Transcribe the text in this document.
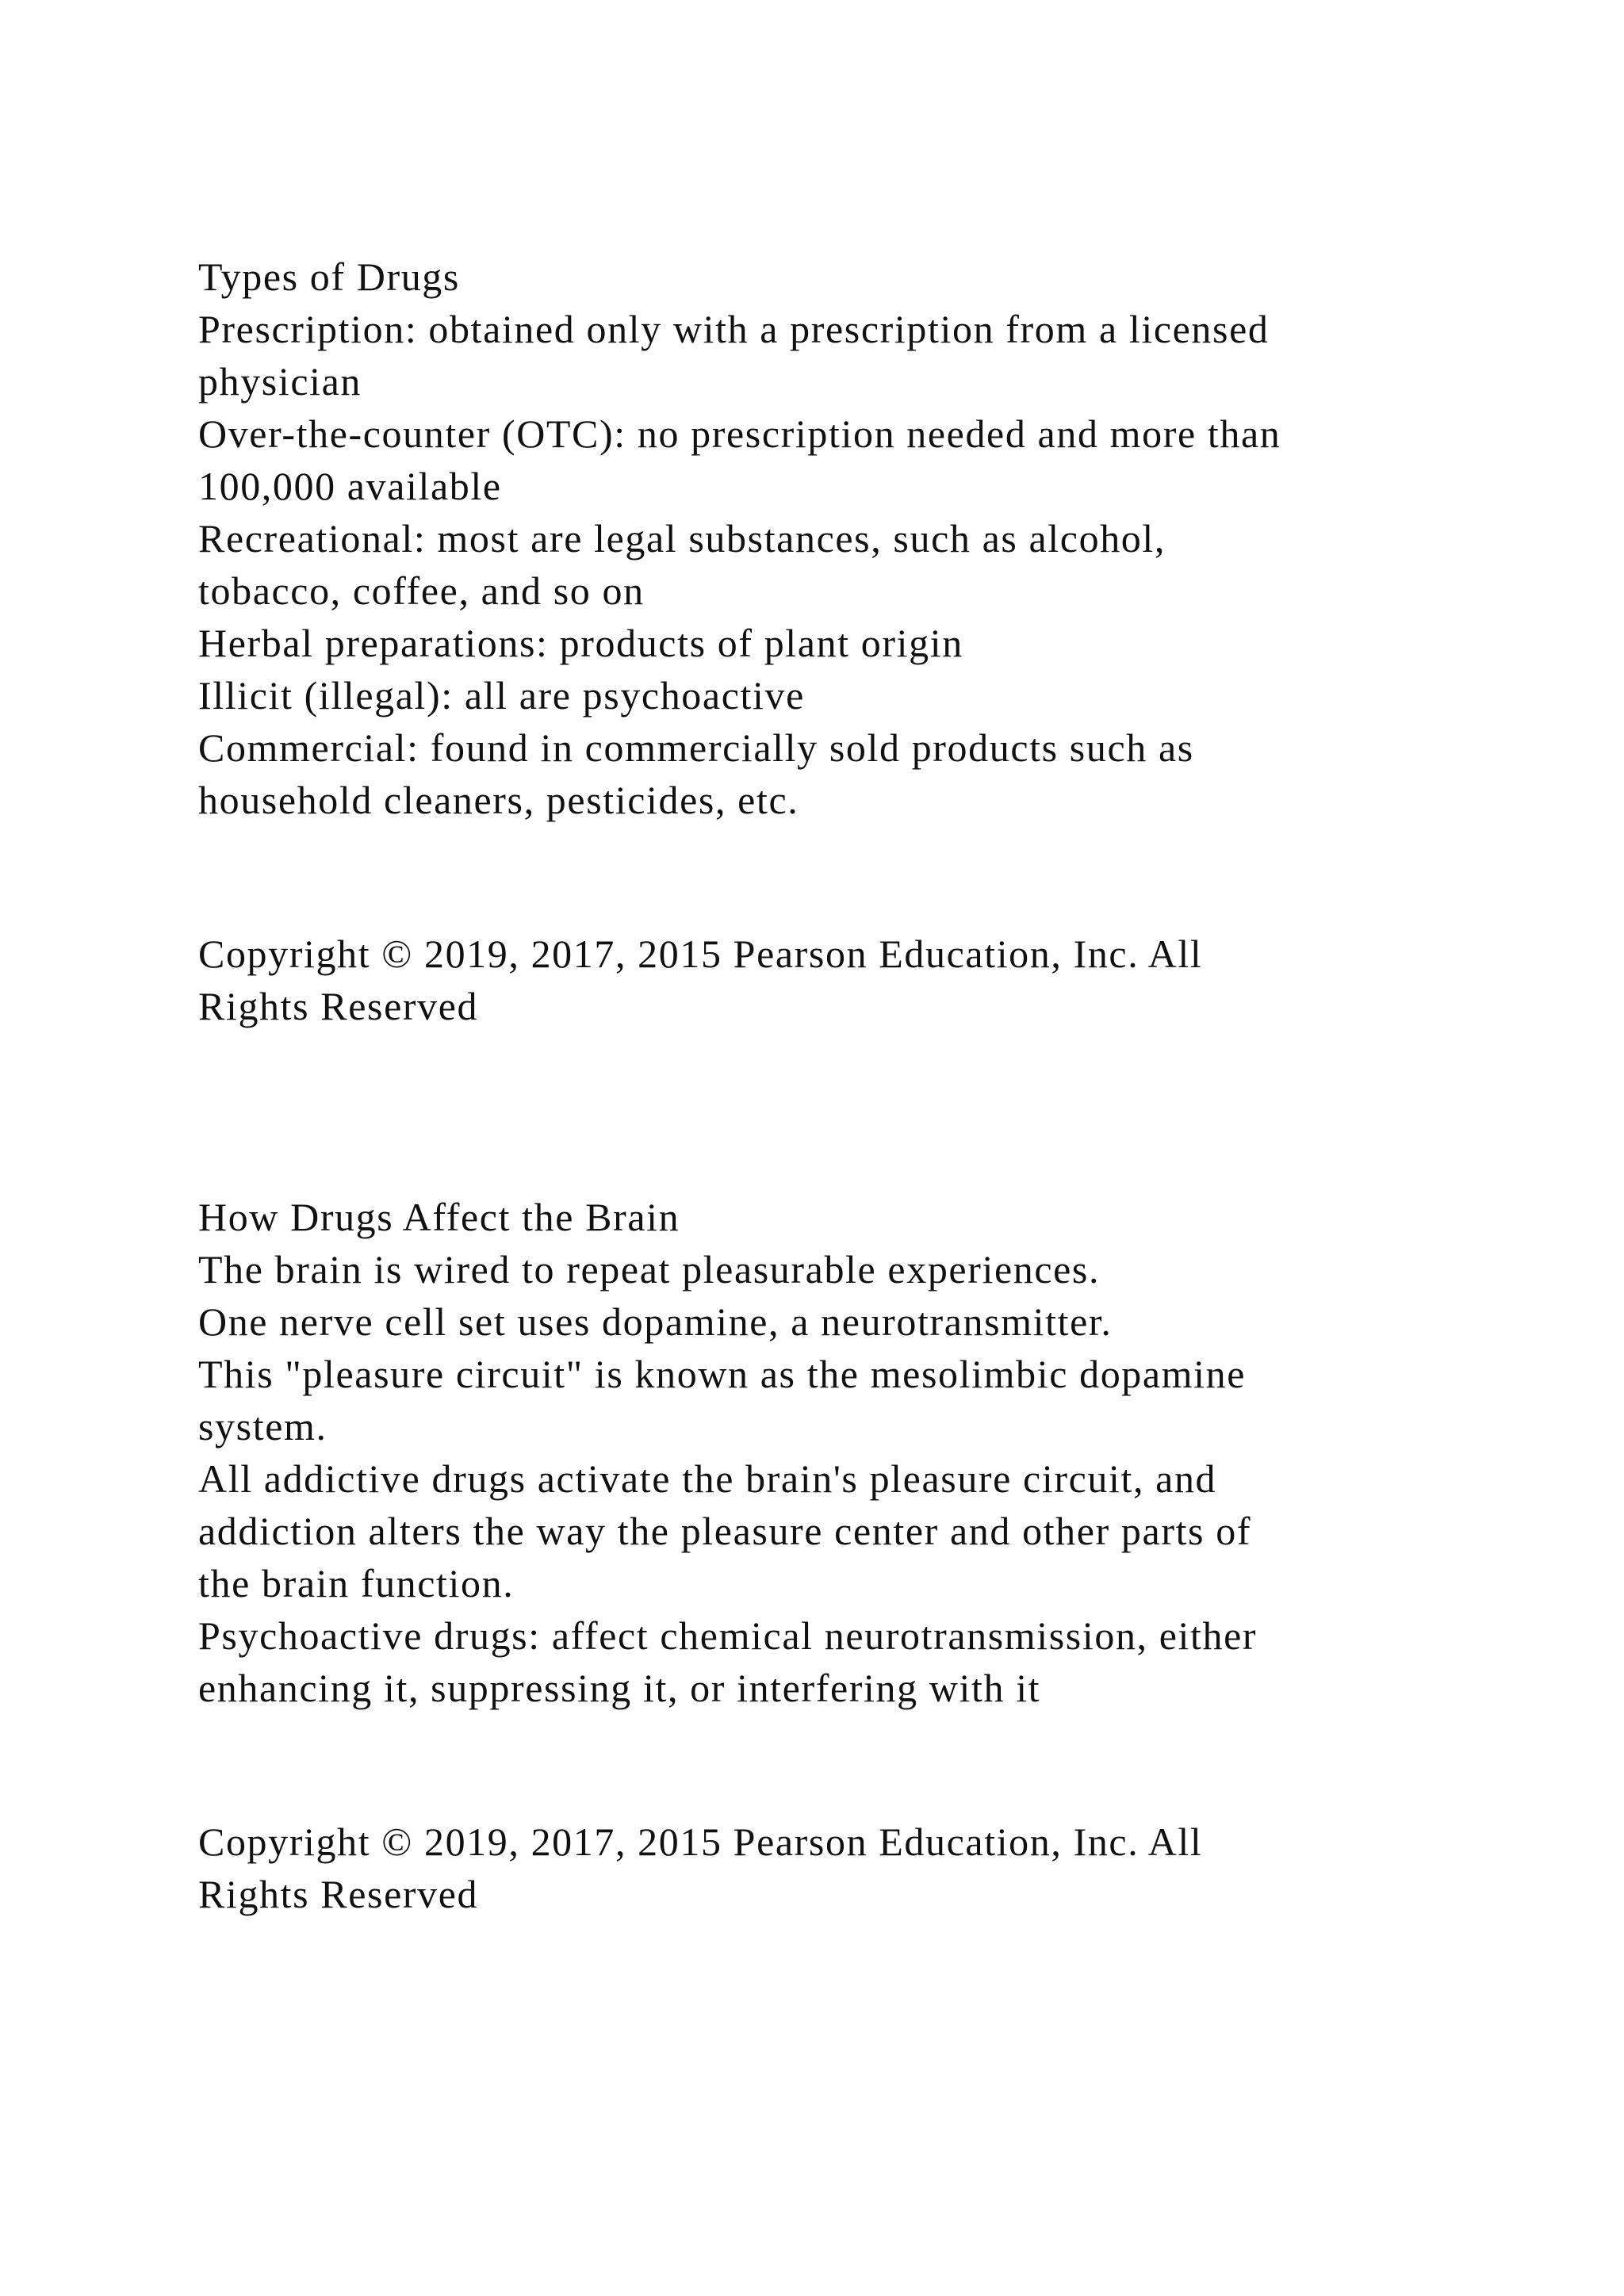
Types of Drugs
Prescription: obtained only with a prescription from a licensed
physician
Over-the-counter (OTC): no prescription needed and more than
100,000 available
Recreational: most are legal substances, such as alcohol,
tobacco, coffee, and so on
Herbal preparations: products of plant origin
Illicit (illegal): all are psychoactive
Commercial: found in commercially sold products such as
household cleaners, pesticides, etc.
Copyright © 2019, 2017, 2015 Pearson Education, Inc. All
Rights Reserved
How Drugs Affect the Brain
The brain is wired to repeat pleasurable experiences.
One nerve cell set uses dopamine, a neurotransmitter.
This "pleasure circuit" is known as the mesolimbic dopamine
system.
All addictive drugs activate the brain's pleasure circuit, and
addiction alters the way the pleasure center and other parts of
the brain function.
Psychoactive drugs: affect chemical neurotransmission, either
enhancing it, suppressing it, or interfering with it
Copyright © 2019, 2017, 2015 Pearson Education, Inc. All
Rights Reserved
